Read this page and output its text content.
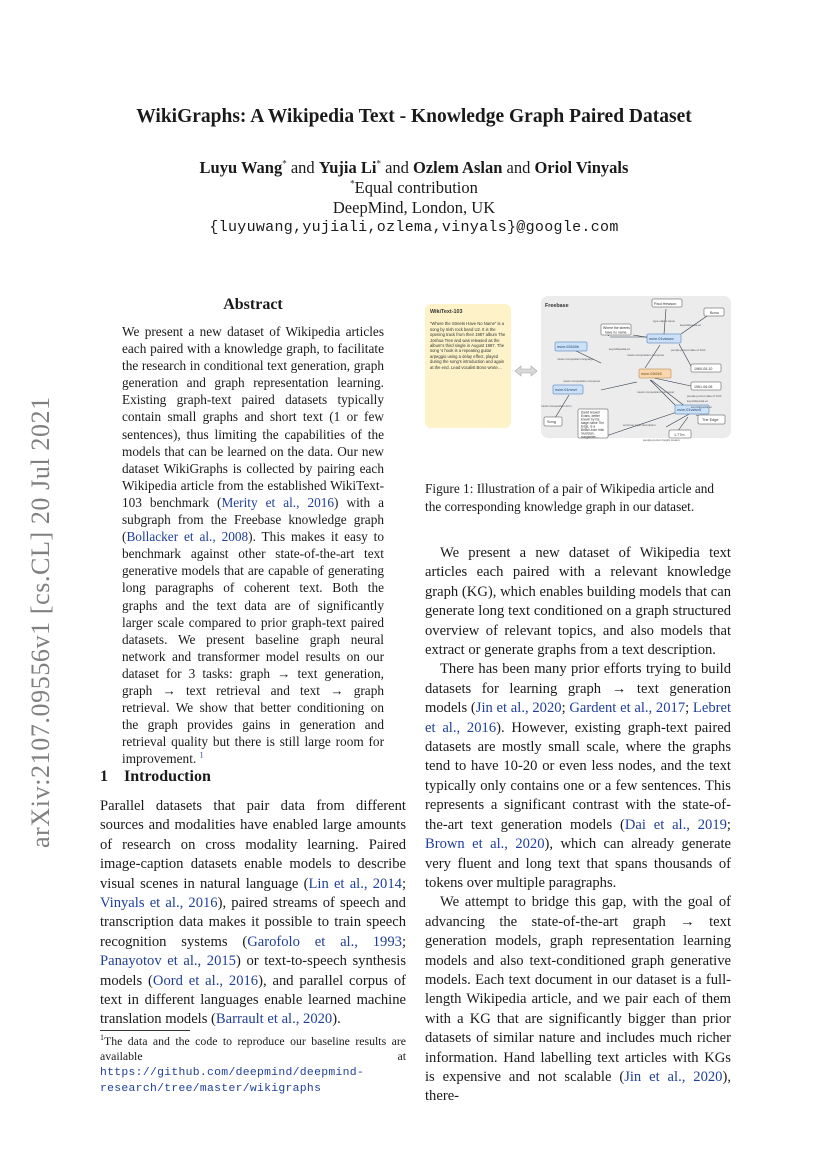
arXiv:2107.09556v1 [cs.CL] 20 Jul 2021
WikiGraphs: A Wikipedia Text - Knowledge Graph Paired Dataset
Luyu Wang* and Yujia Li* and Ozlem Aslan and Oriol Vinyals
*Equal contribution
DeepMind, London, UK
{luyuwang,yujiali,ozlema,vinyals}@google.com
Abstract

We present a new dataset of Wikipedia articles each paired with a knowledge graph, to facilitate the research in conditional text generation, graph generation and graph representation learning. Existing graph-text paired datasets typically contain small graphs and short text (1 or few sentences), thus limiting the capabilities of the models that can be learned on the data. Our new dataset WikiGraphs is collected by pairing each Wikipedia article from the established WikiText-103 benchmark (Merity et al., 2016) with a subgraph from the Freebase knowledge graph (Bollacker et al., 2008). This makes it easy to benchmark against other state-of-the-art text generative models that are capable of generating long paragraphs of coherent text. Both the graphs and the text data are of significantly larger scale compared to prior graph-text paired datasets. We present baseline graph neural network and transformer model results on our dataset for 3 tasks: graph → text generation, graph → text retrieval and text → graph retrieval. We show that better conditioning on the graph provides gains in generation and retrieval quality but there is still large room for improvement. $^1$

1 Introduction

Parallel datasets that pair data from different sources and modalities have enabled large amounts of research on cross modality learning. Paired image-caption datasets enable models to describe visual scenes in natural language (Lin et al., 2014; Vinyals et al., 2016), paired streams of speech and transcription data makes it possible to train speech recognition systems (Garofolo et al., 1993; Panayotov et al., 2015) or text-to-speech synthesis models (Oord et al., 2016), and parallel corpus of text in different languages enable learned machine translation models (Barrault et al., 2020).

$^1$The data and the code to reproduce our baseline results are available at https://github.com/deepmind/deepmind-research/tree/master/wikigraphs

WikiText-103

“Where the Streets Have No Name” is a song by Irish rock band U2. It is the opening track from their 1987 album The Joshua Tree and was released as the album’s third single in August 1987. The song ’s hook is a repeating guitar arpeggio using a delay effect, played during the song’s introduction and again at the end. Lead vocalist Bono wrote…

Freebase	Paul Hewson
Bono
Where the streets
have no name
ns/m.02640b
ns/m.01vswwx
1960-05-10
ns/m.03t2k5
1961-08-08
ns/m.01mnvt
ns/m.01vswx5
Song
David Howell
Evans, better
known by his
stage name The
Edge, is a
British-born Irish
musician,
songwriter...
The Edge
1.77m
type.object.name
key/wikipedia.en
music.composition.composer
key/wikipedia.en	people.person.date of birth
music.composition.language
music.composition.composer
people.person.date of birth
music.composition.form
music.composition.composer
key/wikipedia.en
common.topic.description
key/wikipedia.en
people.person.height meters

Figure 1: Illustration of a pair of Wikipedia article and the corresponding knowledge graph in our dataset.

We present a new dataset of Wikipedia text articles each paired with a relevant knowledge graph (KG), which enables building models that can generate long text conditioned on a graph structured overview of relevant topics, and also models that extract or generate graphs from a text description.

There has been many prior efforts trying to build datasets for learning graph → text generation models (Jin et al., 2020; Gardent et al., 2017; Lebret et al., 2016). However, existing graph-text paired datasets are mostly small scale, where the graphs tend to have 10-20 or even less nodes, and the text typically only contains one or a few sentences. This represents a significant contrast with the state-of-the-art text generation models (Dai et al., 2019; Brown et al., 2020), which can already generate very fluent and long text that spans thousands of tokens over multiple paragraphs.

We attempt to bridge this gap, with the goal of advancing the state-of-the-art graph → text generation models, graph representation learning models and also text-conditioned graph generative models. Each text document in our dataset is a full-length Wikipedia article, and we pair each of them with a KG that are significantly bigger than prior datasets of similar nature and includes much richer information. Hand labelling text articles with KGs is expensive and not scalable (Jin et al., 2020), there-
